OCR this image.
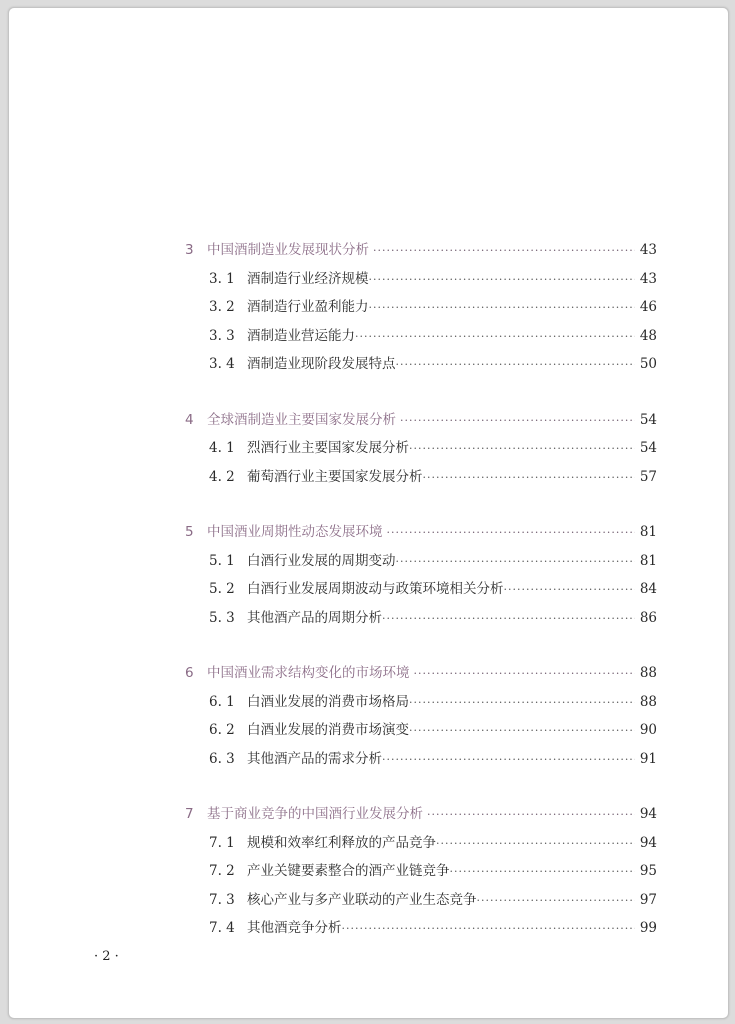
3 中国酒制造业发展现状分析 ·····	43
3. 1 酒制造行业经济规模 ·····	43
3. 2 酒制造行业盈利能力 ·····	46
3. 3 酒制造业营运能力 ·····	48
3. 4 酒制造业现阶段发展特点 ·····	50
4 全球酒制造业主要国家发展分析 ·····	54
4. 1 烈酒行业主要国家发展分析 ·····	54
4. 2 葡萄酒行业主要国家发展分析 ·····	57
5 中国酒业周期性动态发展环境 ·····	81
5. 1 白酒行业发展的周期变动 ·····	81
5. 2 白酒行业发展周期波动与政策环境相关分析 ·····	84
5. 3 其他酒产品的周期分析 ·····	86
6 中国酒业需求结构变化的市场环境 ·····	88
6. 1 白酒业发展的消费市场格局 ·····	88
6. 2 白酒业发展的消费市场演变 ·····	90
6. 3 其他酒产品的需求分析 ·····	91
7 基于商业竞争的中国酒行业发展分析 ·····	94
7. 1 规模和效率红利释放的产品竞争 ·····	94
7. 2 产业关键要素整合的酒产业链竞争 ·····	95
7. 3 核心产业与多产业联动的产业生态竞争 ·····	97
7. 4 其他酒竞争分析 ·····	99
· 2 ·
